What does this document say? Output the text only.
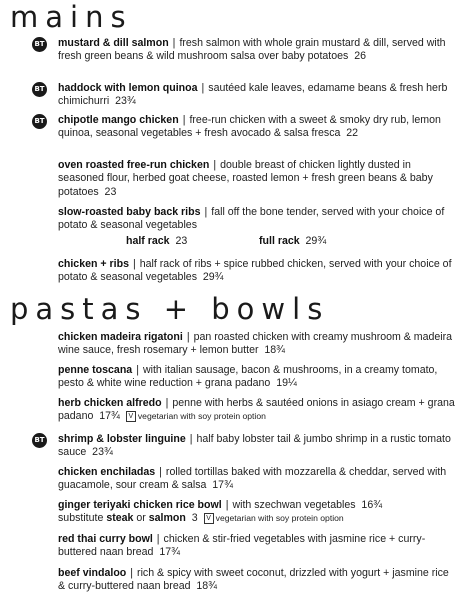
mains
BT mustard & dill salmon | fresh salmon with whole grain mustard & dill, served with fresh green beans & wild mushroom salsa over baby potatoes 26
BT haddock with lemon quinoa | sautéed kale leaves, edamame beans & fresh herb chimichurri 23¾
BT chipotle mango chicken | free-run chicken with a sweet & smoky dry rub, lemon quinoa, seasonal vegetables + fresh avocado & salsa fresca 22
oven roasted free-run chicken | double breast of chicken lightly dusted in seasoned flour, herbed goat cheese, roasted lemon + fresh green beans & baby potatoes 23
slow-roasted baby back ribs | fall off the bone tender, served with your choice of potato & seasonal vegetables
half rack 23	full rack 29¾
chicken + ribs | half rack of ribs + spice rubbed chicken, served with your choice of potato & seasonal vegetables 29¾
pastas + bowls
chicken madeira rigatoni | pan roasted chicken with creamy mushroom & madeira wine sauce, fresh rosemary + lemon butter 18¾
penne toscana | with italian sausage, bacon & mushrooms, in a creamy tomato, pesto & white wine reduction + grana padano 19¼
herb chicken alfredo | penne with herbs & sautéed onions in asiago cream + grana padano 17¾ V vegetarian with soy protein option
BT shrimp & lobster linguine | half baby lobster tail & jumbo shrimp in a rustic tomato sauce 23¾
chicken enchiladas | rolled tortillas baked with mozzarella & cheddar, served with guacamole, sour cream & salsa 17¾
ginger teriyaki chicken rice bowl | with szechwan vegetables 16¾
substitute steak or salmon 3 V vegetarian with soy protein option
red thai curry bowl | chicken & stir-fried vegetables with jasmine rice + curry-buttered naan bread 17¾
beef vindaloo | rich & spicy with sweet coconut, drizzled with yogurt + jasmine rice & curry-buttered naan bread 18¾
